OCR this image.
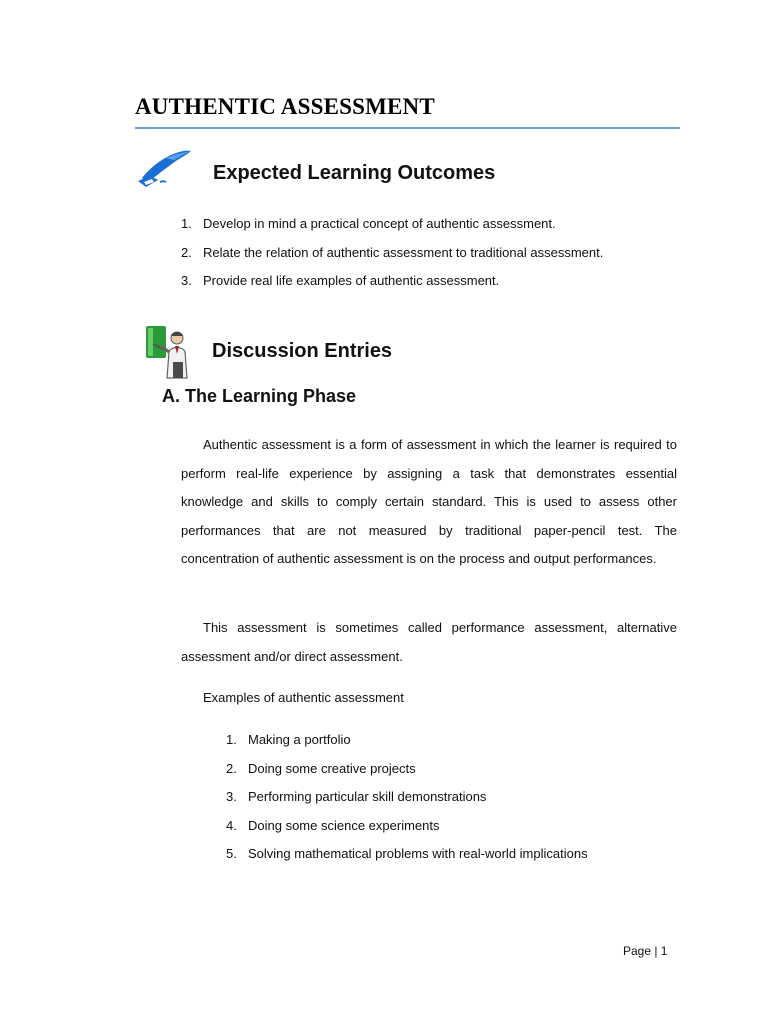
AUTHENTIC ASSESSMENT
Expected Learning Outcomes
1. Develop in mind a practical concept of authentic assessment.
2. Relate the relation of authentic assessment to traditional assessment.
3. Provide real life examples of authentic assessment.
Discussion Entries
A. The Learning Phase
Authentic assessment is a form of assessment in which the learner is required to perform real-life experience by assigning a task that demonstrates essential knowledge and skills to comply certain standard. This is used to assess other performances that are not measured by traditional paper-pencil test. The concentration of authentic assessment is on the process and output performances.
This assessment is sometimes called performance assessment, alternative assessment and/or direct assessment.
Examples of authentic assessment
1. Making a portfolio
2. Doing some creative projects
3. Performing particular skill demonstrations
4. Doing some science experiments
5. Solving mathematical problems with real-world implications
Page | 1
